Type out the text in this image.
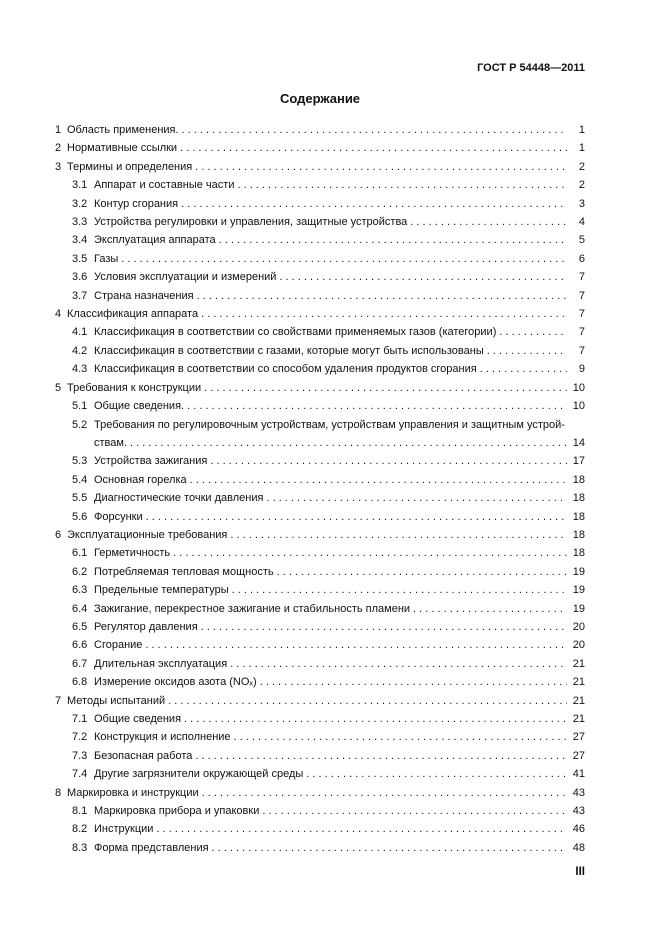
ГОСТ Р 54448—2011
Содержание
1 Область применения. . . .	1
2 Нормативные ссылки . . .	1
3 Термины и определения . . .	2
3.1 Аппарат и составные части . . .	2
3.2 Контур сгорания . . .	3
3.3 Устройства регулировки и управления, защитные устройства . . .	4
3.4 Эксплуатация аппарата . . .	5
3.5 Газы . . .	6
3.6 Условия эксплуатации и измерений . . .	7
3.7 Страна назначения . . .	7
4 Классификация аппарата . . .	7
4.1 Классификация в соответствии со свойствами применяемых газов (категории) . . .	7
4.2 Классификация в соответствии с газами, которые могут быть использованы . . .	7
4.3 Классификация в соответствии со способом удаления продуктов сгорания . . .	9
5 Требования к конструкции . . .	10
5.1 Общие сведения. . . .	10
5.2 Требования по регулировочным устройствам, устройствам управления и защитным устрой-
ствам. . . .	14
5.3 Устройства зажигания . . .	17
5.4 Основная горелка . . .	18
5.5 Диагностические точки давления . . .	18
5.6 Форсунки . . .	18
6 Эксплуатационные требования . . .	18
6.1 Герметичность . . .	18
6.2 Потребляемая тепловая мощность . . .	19
6.3 Предельные температуры . . .	19
6.4 Зажигание, перекрестное зажигание и стабильность пламени . . .	19
6.5 Регулятор давления . . .	20
6.6 Сгорание . . .	20
6.7 Длительная эксплуатация . . .	21
6.8 Измерение оксидов азота (NOₓ) . . .	21
7 Методы испытаний . . .	21
7.1 Общие сведения . . .	21
7.2 Конструкция и исполнение . . .	27
7.3 Безопасная работа . . .	27
7.4 Другие загрязнители окружающей среды . . .	41
8 Маркировка и инструкции . . .	43
8.1 Маркировка прибора и упаковки . . .	43
8.2 Инструкции . . .	46
8.3 Форма представления . . .	48
III
